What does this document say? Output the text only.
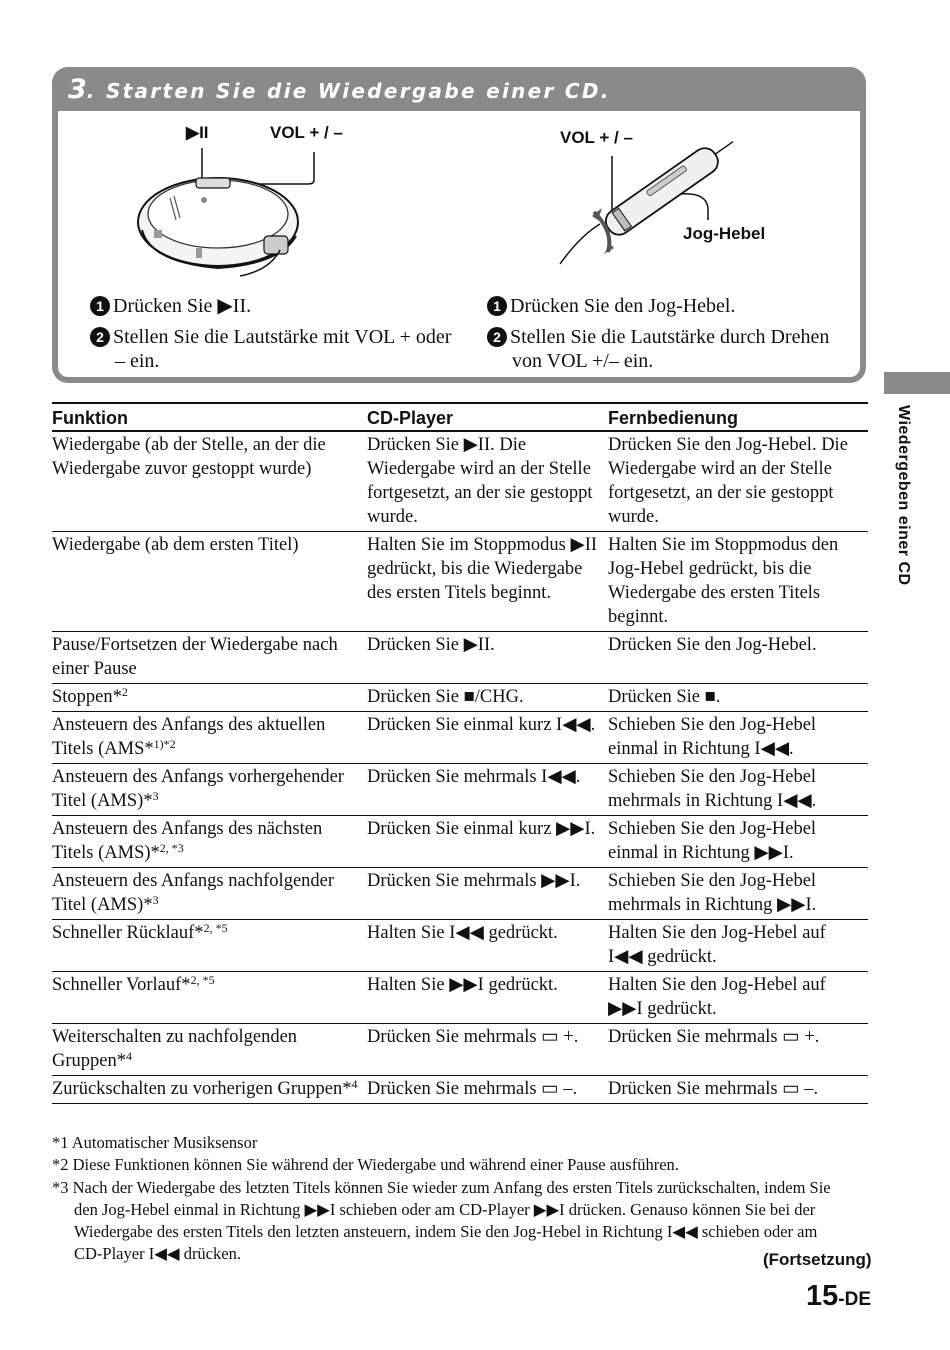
3. Starten Sie die Wiedergabe einer CD.
▶II	VOL + / –	VOL + / –
Jog-Hebel
1 Drücken Sie ▶II.
2 Stellen Sie die Lautstärke mit VOL + oder – ein.
1 Drücken Sie den Jog-Hebel.
2 Stellen Sie die Lautstärke durch Drehen von VOL +/– ein.
Wiedergeben einer CD
Funktion	CD-Player	Fernbedienung
Wiedergabe (ab der Stelle, an der die Wiedergabe zuvor gestoppt wurde)	Drücken Sie ▶II. Die Wiedergabe wird an der Stelle fortgesetzt, an der sie gestoppt wurde.	Drücken Sie den Jog-Hebel. Die Wiedergabe wird an der Stelle fortgesetzt, an der sie gestoppt wurde.
Wiedergabe (ab dem ersten Titel)	Halten Sie im Stoppmodus ▶II gedrückt, bis die Wiedergabe des ersten Titels beginnt.	Halten Sie im Stoppmodus den Jog-Hebel gedrückt, bis die Wiedergabe des ersten Titels beginnt.
Pause/Fortsetzen der Wiedergabe nach einer Pause	Drücken Sie ▶II.	Drücken Sie den Jog-Hebel.
Stoppen*$^2$	Drücken Sie ■/CHG.	Drücken Sie ■.
Ansteuern des Anfangs des aktuellen Titels (AMS*$^{1)*2}$	Drücken Sie einmal kurz I◀◀.	Schieben Sie den Jog-Hebel einmal in Richtung I◀◀.
Ansteuern des Anfangs vorhergehender Titel (AMS)*$^3$	Drücken Sie mehrmals I◀◀.	Schieben Sie den Jog-Hebel mehrmals in Richtung I◀◀.
Ansteuern des Anfangs des nächsten Titels (AMS)*$^{2, *3}$	Drücken Sie einmal kurz ▶▶I.	Schieben Sie den Jog-Hebel einmal in Richtung ▶▶I.
Ansteuern des Anfangs nachfolgender Titel (AMS)*$^3$	Drücken Sie mehrmals ▶▶I.	Schieben Sie den Jog-Hebel mehrmals in Richtung ▶▶I.
Schneller Rücklauf*$^{2, *5}$	Halten Sie I◀◀ gedrückt.	Halten Sie den Jog-Hebel auf I◀◀ gedrückt.
Schneller Vorlauf*$^{2, *5}$	Halten Sie ▶▶I gedrückt.	Halten Sie den Jog-Hebel auf ▶▶I gedrückt.
Weiterschalten zu nachfolgenden Gruppen*$^4$	Drücken Sie mehrmals ▭ +.	Drücken Sie mehrmals ▭ +.
Zurückschalten zu vorherigen Gruppen*$^4$	Drücken Sie mehrmals ▭ –.	Drücken Sie mehrmals ▭ –.
*1 Automatischer Musiksensor
*2 Diese Funktionen können Sie während der Wiedergabe und während einer Pause ausführen.
*3 Nach der Wiedergabe des letzten Titels können Sie wieder zum Anfang des ersten Titels zurückschalten, indem Sie den Jog-Hebel einmal in Richtung ▶▶I schieben oder am CD-Player ▶▶I drücken. Genauso können Sie bei der Wiedergabe des ersten Titels den letzten ansteuern, indem Sie den Jog-Hebel in Richtung I◀◀ schieben oder am CD-Player I◀◀ drücken.	(Fortsetzung)
15-DE
